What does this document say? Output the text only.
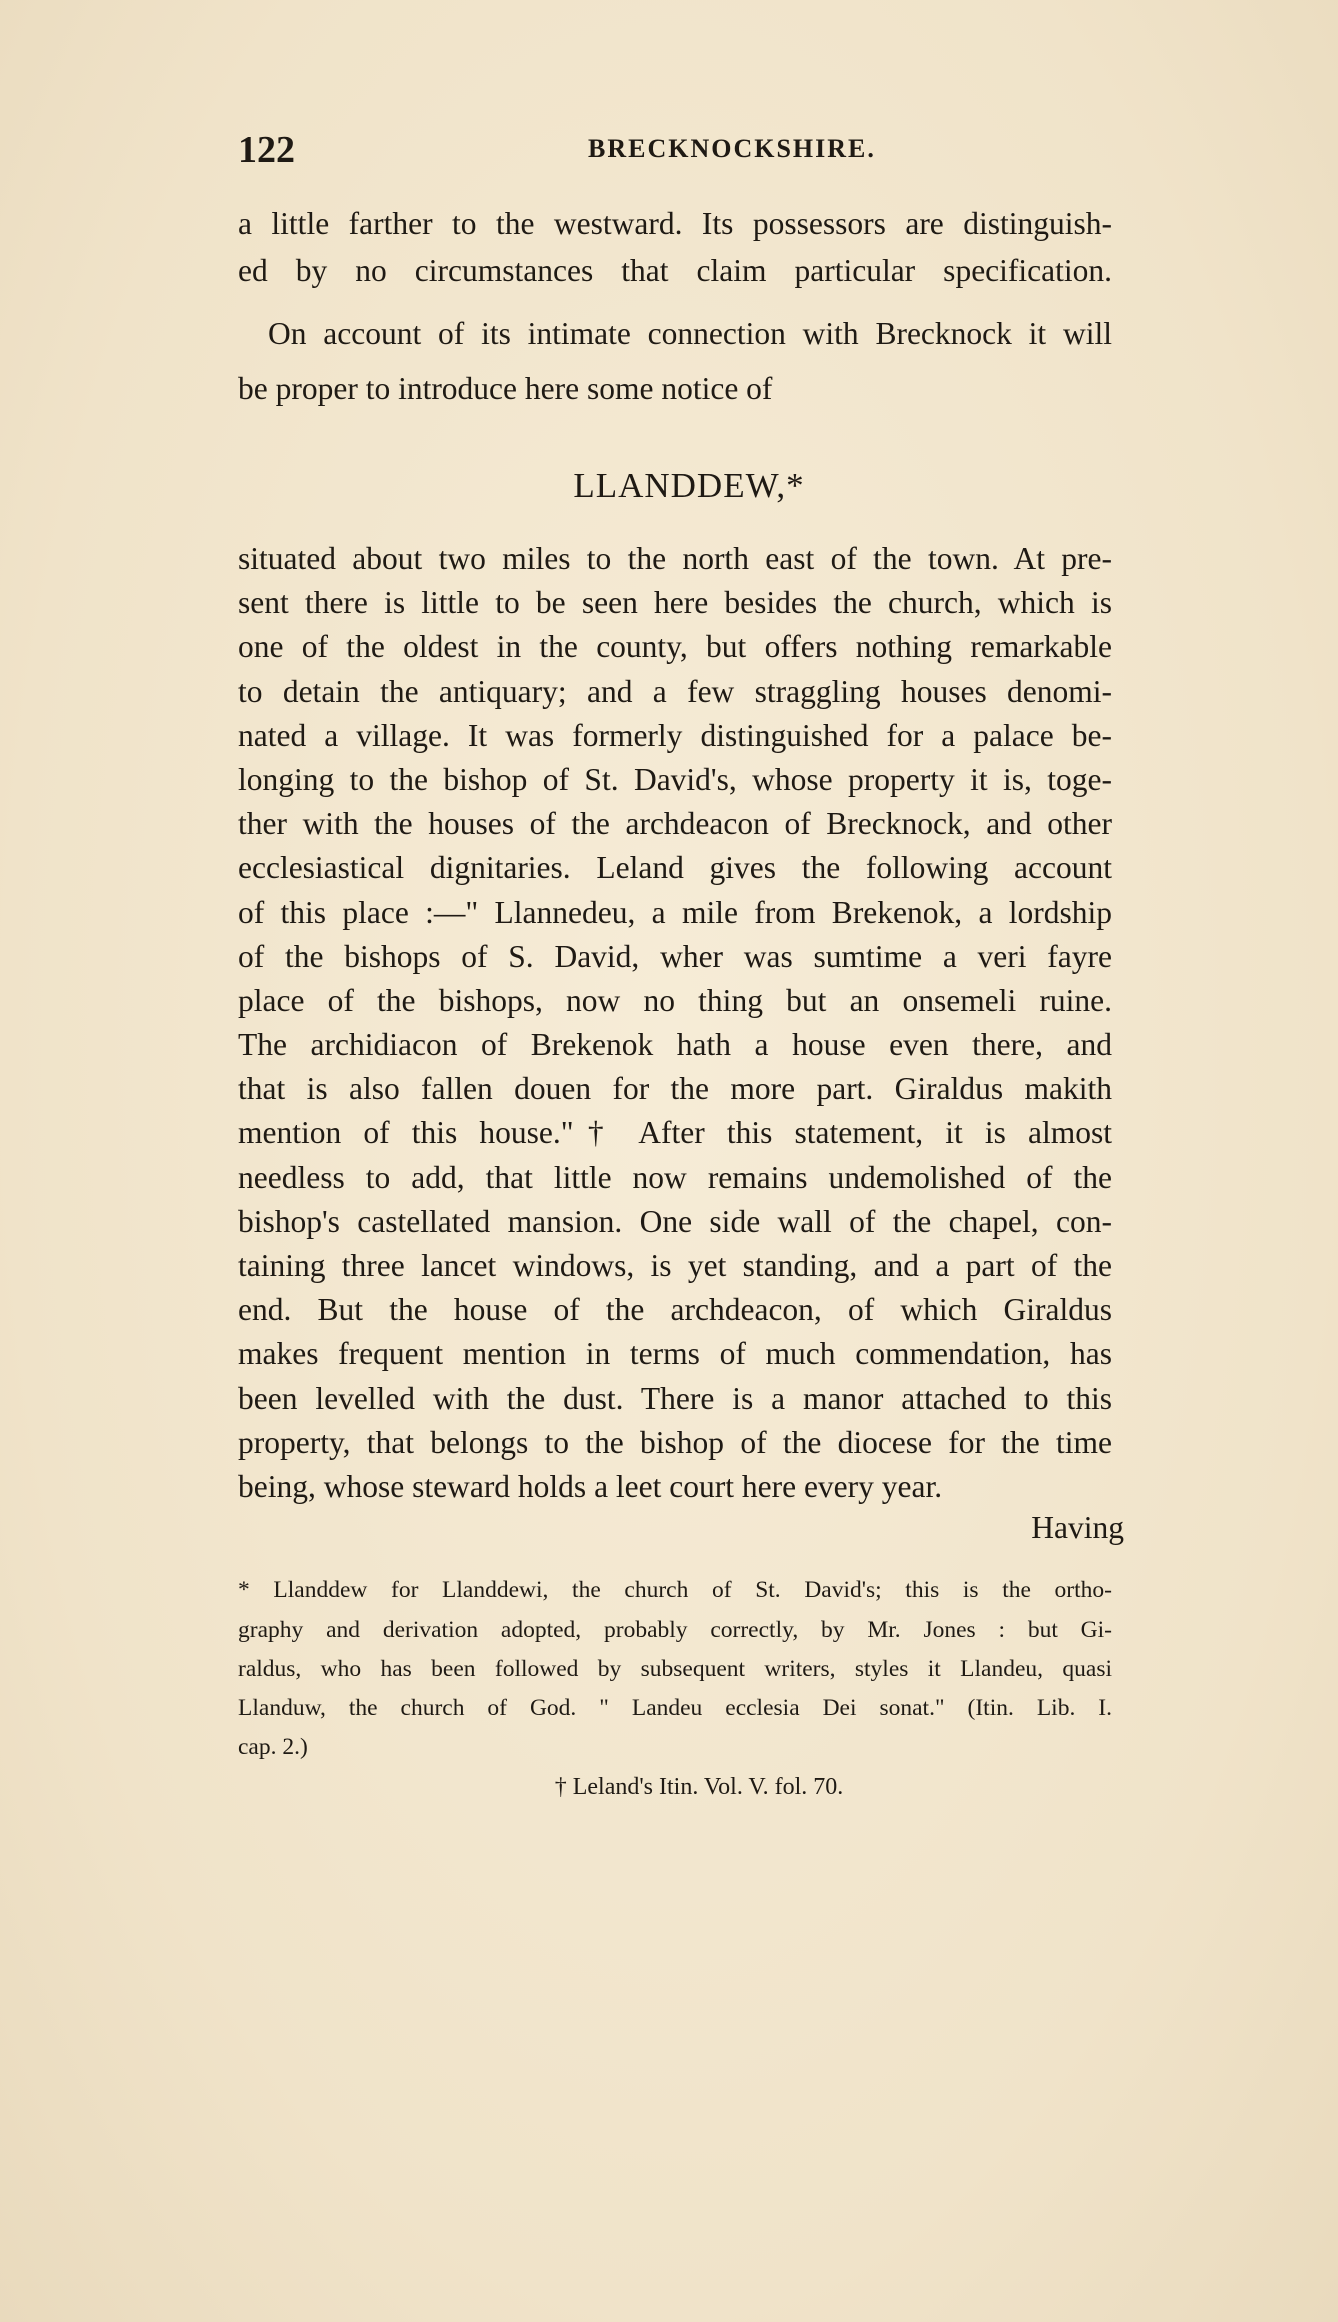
122	BRECKNOCKSHIRE.

a little farther to the westward. Its possessors are distinguish-

ed by no circumstances that claim particular specification.

On account of its intimate connection with Brecknock it will

be proper to introduce here some notice of

LLANDDEW,*

situated about two miles to the north east of the town. At pre-

sent there is little to be seen here besides the church, which is

one of the oldest in the county, but offers nothing remarkable

to detain the antiquary; and a few straggling houses denomi-

nated a village. It was formerly distinguished for a palace be-

longing to the bishop of St. David's, whose property it is, toge-

ther with the houses of the archdeacon of Brecknock, and other

ecclesiastical dignitaries. Leland gives the following account

of this place :—" Llannedeu, a mile from Brekenok, a lordship

of the bishops of S. David, wher was sumtime a veri fayre

place of the bishops, now no thing but an onsemeli ruine.

The archidiacon of Brekenok hath a house even there, and

that is also fallen douen for the more part. Giraldus makith

mention of this house."† After this statement, it is almost

needless to add, that little now remains undemolished of the

bishop's castellated mansion. One side wall of the chapel, con-

taining three lancet windows, is yet standing, and a part of the

end. But the house of the archdeacon, of which Giraldus

makes frequent mention in terms of much commendation, has

been levelled with the dust. There is a manor attached to this

property, that belongs to the bishop of the diocese for the time

being, whose steward holds a leet court here every year.

Having

* Llanddew for Llanddewi, the church of St. David's; this is the ortho-

graphy and derivation adopted, probably correctly, by Mr. Jones : but Gi-

raldus, who has been followed by subsequent writers, styles it Llandeu, quasi

Llanduw, the church of God. " Landeu ecclesia Dei sonat." (Itin. Lib. I.

cap. 2.)

† Leland's Itin. Vol. V. fol. 70.
